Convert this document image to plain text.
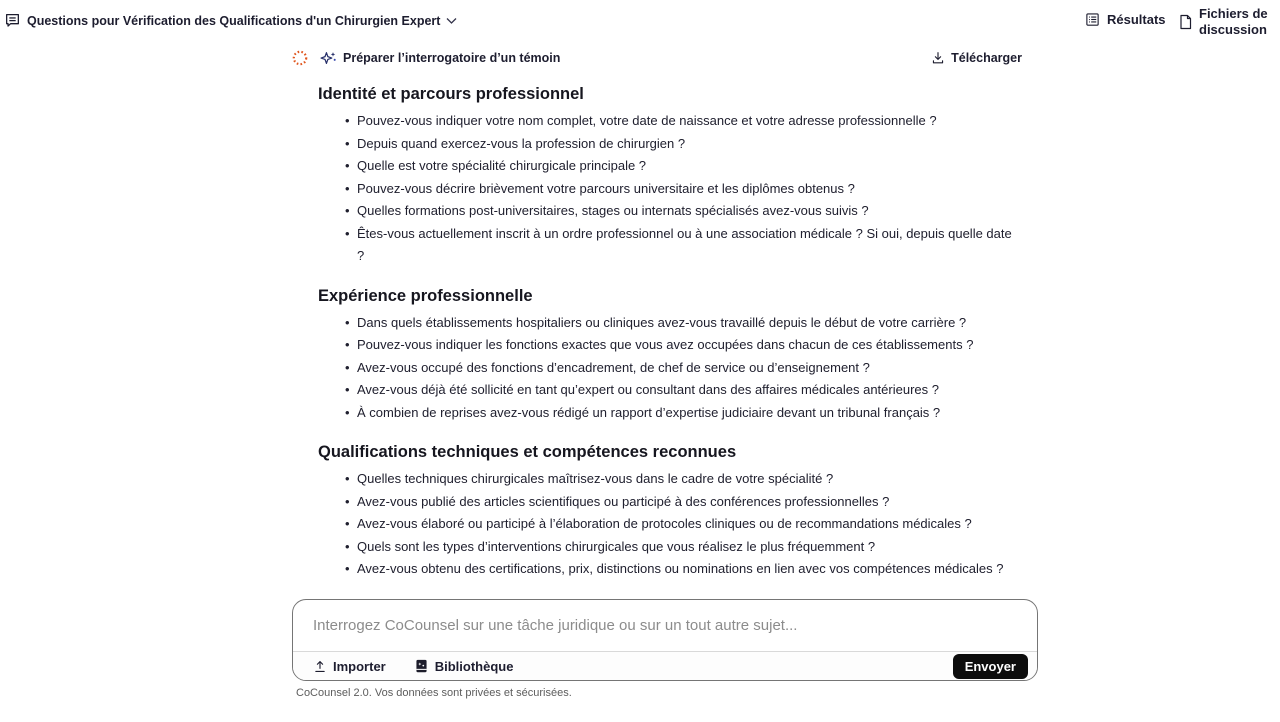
Questions pour Vérification des Qualifications d'un Chirurgien Expert	Résultats	Fichiers de discussion
Préparer l’interrogatoire d’un témoin	Télécharger
Identité et parcours professionnel
• Pouvez-vous indiquer votre nom complet, votre date de naissance et votre adresse professionnelle ?
• Depuis quand exercez-vous la profession de chirurgien ?
• Quelle est votre spécialité chirurgicale principale ?
• Pouvez-vous décrire brièvement votre parcours universitaire et les diplômes obtenus ?
• Quelles formations post-universitaires, stages ou internats spécialisés avez-vous suivis ?
• Êtes-vous actuellement inscrit à un ordre professionnel ou à une association médicale ? Si oui, depuis quelle date ?
Expérience professionnelle
• Dans quels établissements hospitaliers ou cliniques avez-vous travaillé depuis le début de votre carrière ?
• Pouvez-vous indiquer les fonctions exactes que vous avez occupées dans chacun de ces établissements ?
• Avez-vous occupé des fonctions d’encadrement, de chef de service ou d’enseignement ?
• Avez-vous déjà été sollicité en tant qu’expert ou consultant dans des affaires médicales antérieures ?
• À combien de reprises avez-vous rédigé un rapport d’expertise judiciaire devant un tribunal français ?
Qualifications techniques et compétences reconnues
• Quelles techniques chirurgicales maîtrisez-vous dans le cadre de votre spécialité ?
• Avez-vous publié des articles scientifiques ou participé à des conférences professionnelles ?
• Avez-vous élaboré ou participé à l’élaboration de protocoles cliniques ou de recommandations médicales ?
• Quels sont les types d’interventions chirurgicales que vous réalisez le plus fréquemment ?
• Avez-vous obtenu des certifications, prix, distinctions ou nominations en lien avec vos compétences médicales ?
Interrogez CoCounsel sur une tâche juridique ou sur un tout autre sujet...
Importer	Bibliothèque	Envoyer
CoCounsel 2.0. Vos données sont privées et sécurisées.
